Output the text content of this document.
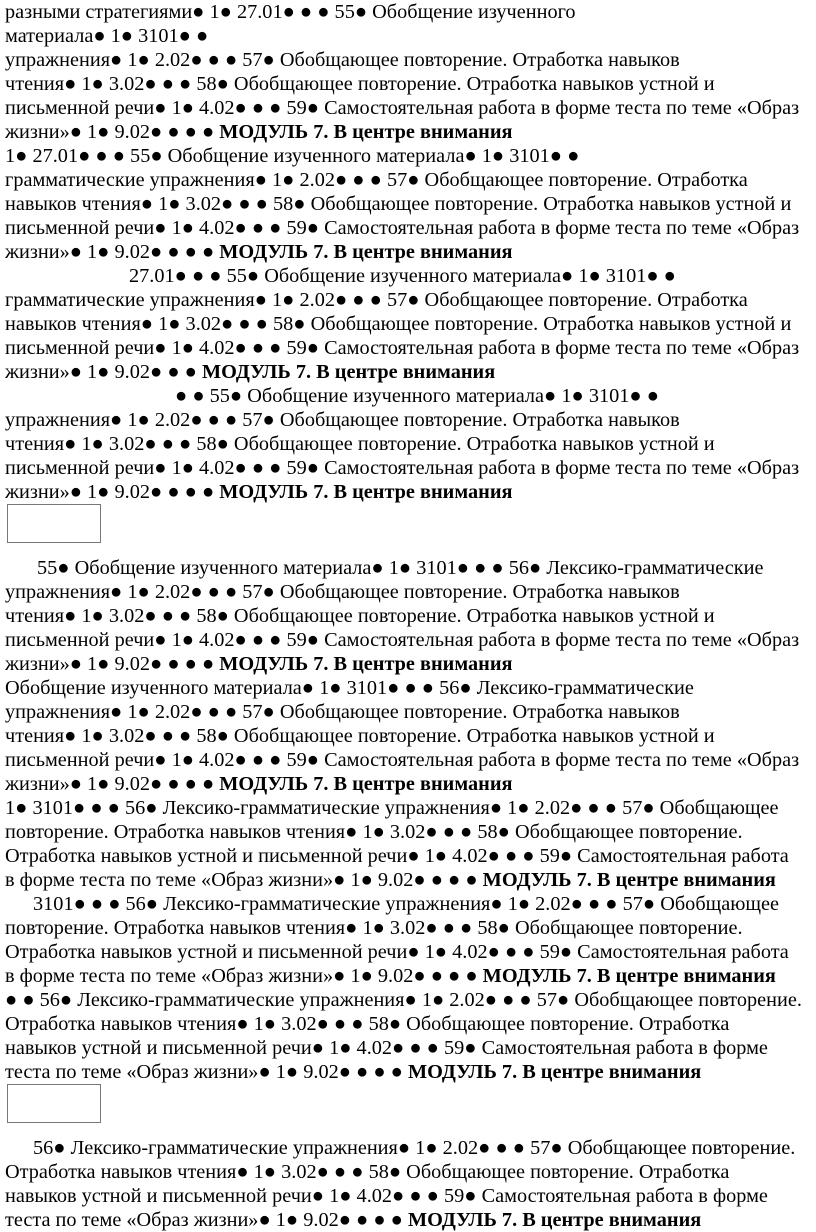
разными стратегиями● 1● 27.01● ● ● 55● Обобщение изученного
материала● 1● 3101● ●
упражнения● 1● 2.02● ● ● 57● Обобщающее повторение. Отработка навыков
чтения● 1● 3.02● ● ● 58● Обобщающее повторение. Отработка навыков устной и
письменной речи● 1● 4.02● ● ● 59● Самостоятельная работа в форме теста по теме «Образ
жизни»● 1● 9.02● ● ● ● МОДУЛЬ 7. В центре внимания
1● 27.01● ● ● 55● Обобщение изученного материала● 1● 3101● ●
грамматические упражнения● 1● 2.02● ● ● 57● Обобщающее повторение. Отработка
навыков чтения● 1● 3.02● ● ● 58● Обобщающее повторение. Отработка навыков устной и
письменной речи● 1● 4.02● ● ● 59● Самостоятельная работа в форме теста по теме «Образ
жизни»● 1● 9.02● ● ● ● МОДУЛЬ 7. В центре внимания
27.01● ● ● 55● Обобщение изученного материала● 1● 3101● ●
грамматические упражнения● 1● 2.02● ● ● 57● Обобщающее повторение. Отработка
навыков чтения● 1● 3.02● ● ● 58● Обобщающее повторение. Отработка навыков устной и
письменной речи● 1● 4.02● ● ● 59● Самостоятельная работа в форме теста по теме «Образ
жизни»● 1● 9.02● ● ● МОДУЛЬ 7. В центре внимания
● ● 55● Обобщение изученного материала● 1● 3101● ●
упражнения● 1● 2.02● ● ● 57● Обобщающее повторение. Отработка навыков
чтения● 1● 3.02● ● ● 58● Обобщающее повторение. Отработка навыков устной и
письменной речи● 1● 4.02● ● ● 59● Самостоятельная работа в форме теста по теме «Образ
жизни»● 1● 9.02● ● ● ● МОДУЛЬ 7. В центре внимания
55● Обобщение изученного материала● 1● 3101● ● ● 56● Лексико-грамматические
упражнения● 1● 2.02● ● ● 57● Обобщающее повторение. Отработка навыков
чтения● 1● 3.02● ● ● 58● Обобщающее повторение. Отработка навыков устной и
письменной речи● 1● 4.02● ● ● 59● Самостоятельная работа в форме теста по теме «Образ
жизни»● 1● 9.02● ● ● ● МОДУЛЬ 7. В центре внимания
Обобщение изученного материала● 1● 3101● ● ● 56● Лексико-грамматические
упражнения● 1● 2.02● ● ● 57● Обобщающее повторение. Отработка навыков
чтения● 1● 3.02● ● ● 58● Обобщающее повторение. Отработка навыков устной и
письменной речи● 1● 4.02● ● ● 59● Самостоятельная работа в форме теста по теме «Образ
жизни»● 1● 9.02● ● ● ● МОДУЛЬ 7. В центре внимания
1● 3101● ● ● 56● Лексико-грамматические упражнения● 1● 2.02● ● ● 57● Обобщающее
повторение. Отработка навыков чтения● 1● 3.02● ● ● 58● Обобщающее повторение.
Отработка навыков устной и письменной речи● 1● 4.02● ● ● 59● Самостоятельная работа
в форме теста по теме «Образ жизни»● 1● 9.02● ● ● ● МОДУЛЬ 7. В центре внимания
3101● ● ● 56● Лексико-грамматические упражнения● 1● 2.02● ● ● 57● Обобщающее
повторение. Отработка навыков чтения● 1● 3.02● ● ● 58● Обобщающее повторение.
Отработка навыков устной и письменной речи● 1● 4.02● ● ● 59● Самостоятельная работа
в форме теста по теме «Образ жизни»● 1● 9.02● ● ● ● МОДУЛЬ 7. В центре внимания
● ● 56● Лексико-грамматические упражнения● 1● 2.02● ● ● 57● Обобщающее повторение.
Отработка навыков чтения● 1● 3.02● ● ● 58● Обобщающее повторение. Отработка
навыков устной и письменной речи● 1● 4.02● ● ● 59● Самостоятельная работа в форме
теста по теме «Образ жизни»● 1● 9.02● ● ● ● МОДУЛЬ 7. В центре внимания
56● Лексико-грамматические упражнения● 1● 2.02● ● ● 57● Обобщающее повторение.
Отработка навыков чтения● 1● 3.02● ● ● 58● Обобщающее повторение. Отработка
навыков устной и письменной речи● 1● 4.02● ● ● 59● Самостоятельная работа в форме
теста по теме «Образ жизни»● 1● 9.02● ● ● ● МОДУЛЬ 7. В центре внимания
